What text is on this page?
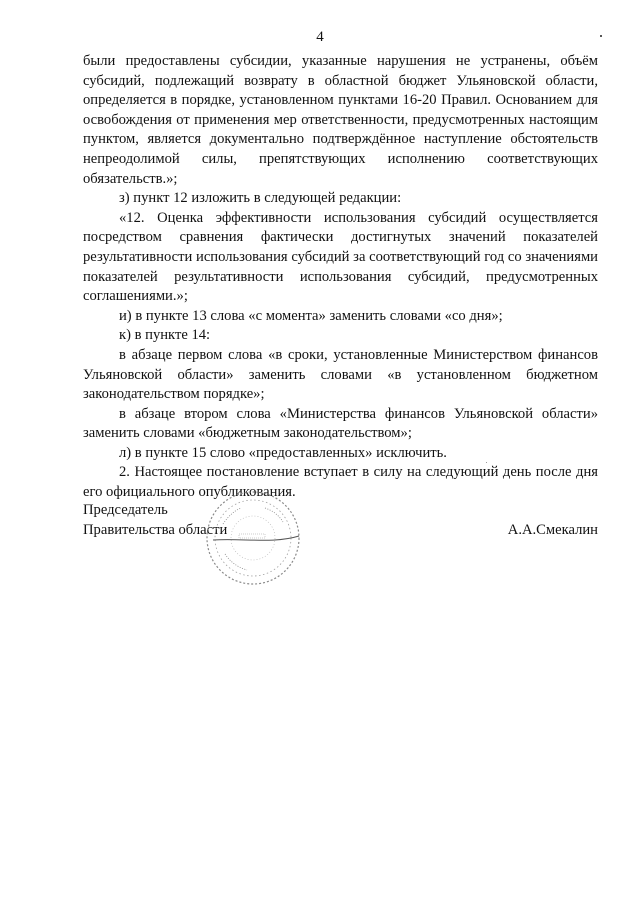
4

были предоставлены субсидии, указанные нарушения не устранены, объём субсидий, подлежащий возврату в областной бюджет Ульяновской области, определяется в порядке, установленном пунктами 16-20 Правил. Основанием для освобождения от применения мер ответственности, предусмотренных настоящим пунктом, является документально подтверждённое наступление обстоятельств непреодолимой силы, препятствующих исполнению соответствующих обязательств.»;

з) пункт 12 изложить в следующей редакции:

«12. Оценка эффективности использования субсидий осуществляется посредством сравнения фактически достигнутых значений показателей результативности использования субсидий за соответствующий год со значениями показателей результативности использования субсидий, предусмотренных соглашениями.»;

и) в пункте 13 слова «с момента» заменить словами «со дня»;

к) в пункте 14:

в абзаце первом слова «в сроки, установленные Министерством финансов Ульяновской области» заменить словами «в установленном бюджетном законодательством порядке»;

в абзаце втором слова «Министерства финансов Ульяновской области» заменить словами «бюджетным законодательством»;

л) в пункте 15 слово «предоставленных» исключить.

2. Настоящее постановление вступает в силу на следующий день после дня его официального опубликования.

Председатель
Правительства области	А.А.Смекалин
